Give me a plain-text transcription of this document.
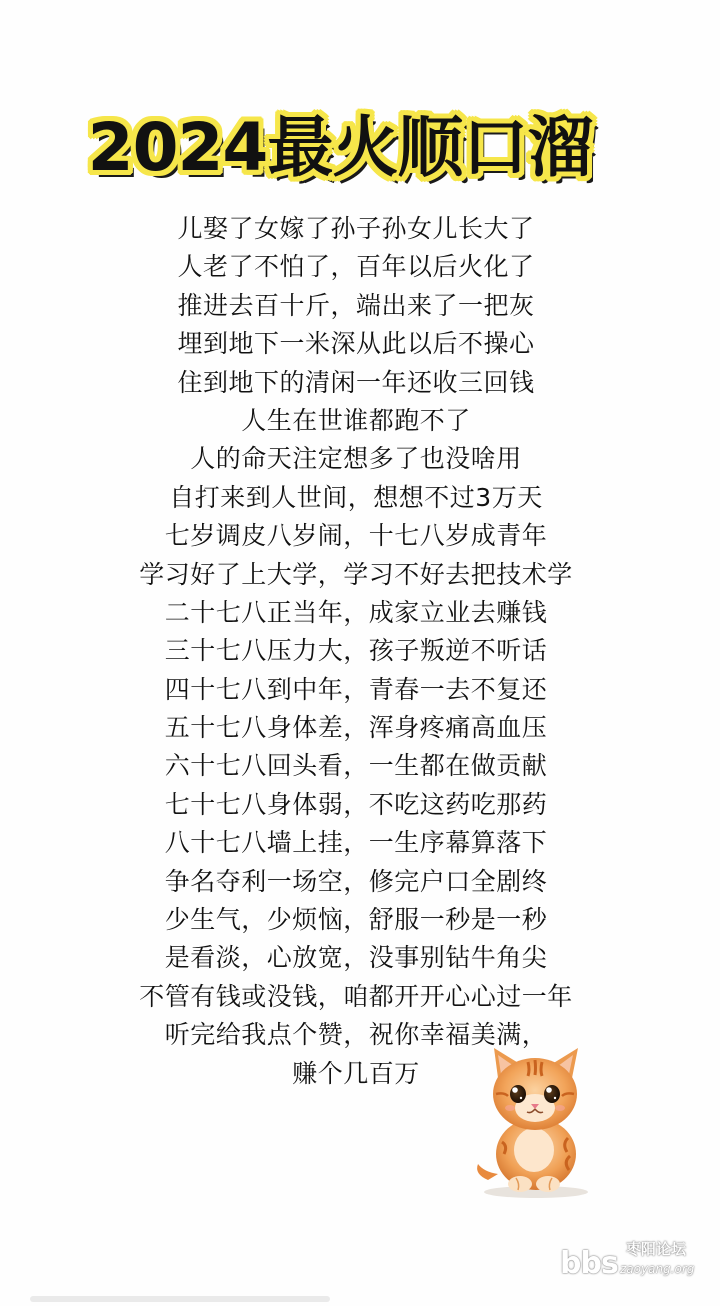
2024最火顺口溜
儿娶了女嫁了孙子孙女儿长大了
人老了不怕了，百年以后火化了
推进去百十斤，端出来了一把灰
埋到地下一米深从此以后不操心
住到地下的清闲一年还收三回钱
人生在世谁都跑不了
人的命天注定想多了也没啥用
自打来到人世间，想想不过3万天
七岁调皮八岁闹，十七八岁成青年
学习好了上大学，学习不好去把技术学
二十七八正当年，成家立业去赚钱
三十七八压力大，孩子叛逆不听话
四十七八到中年，青春一去不复还
五十七八身体差，浑身疼痛高血压
六十七八回头看，一生都在做贡献
七十七八身体弱，不吃这药吃那药
八十七八墙上挂，一生序幕算落下
争名夺利一场空，修完户口全剧终
少生气，少烦恼，舒服一秒是一秒
是看淡，心放宽，没事别钻牛角尖
不管有钱或没钱，咱都开开心心过一年
听完给我点个赞，祝你幸福美满，
赚个几百万
bbs 枣阳论坛
zaoyang.org
